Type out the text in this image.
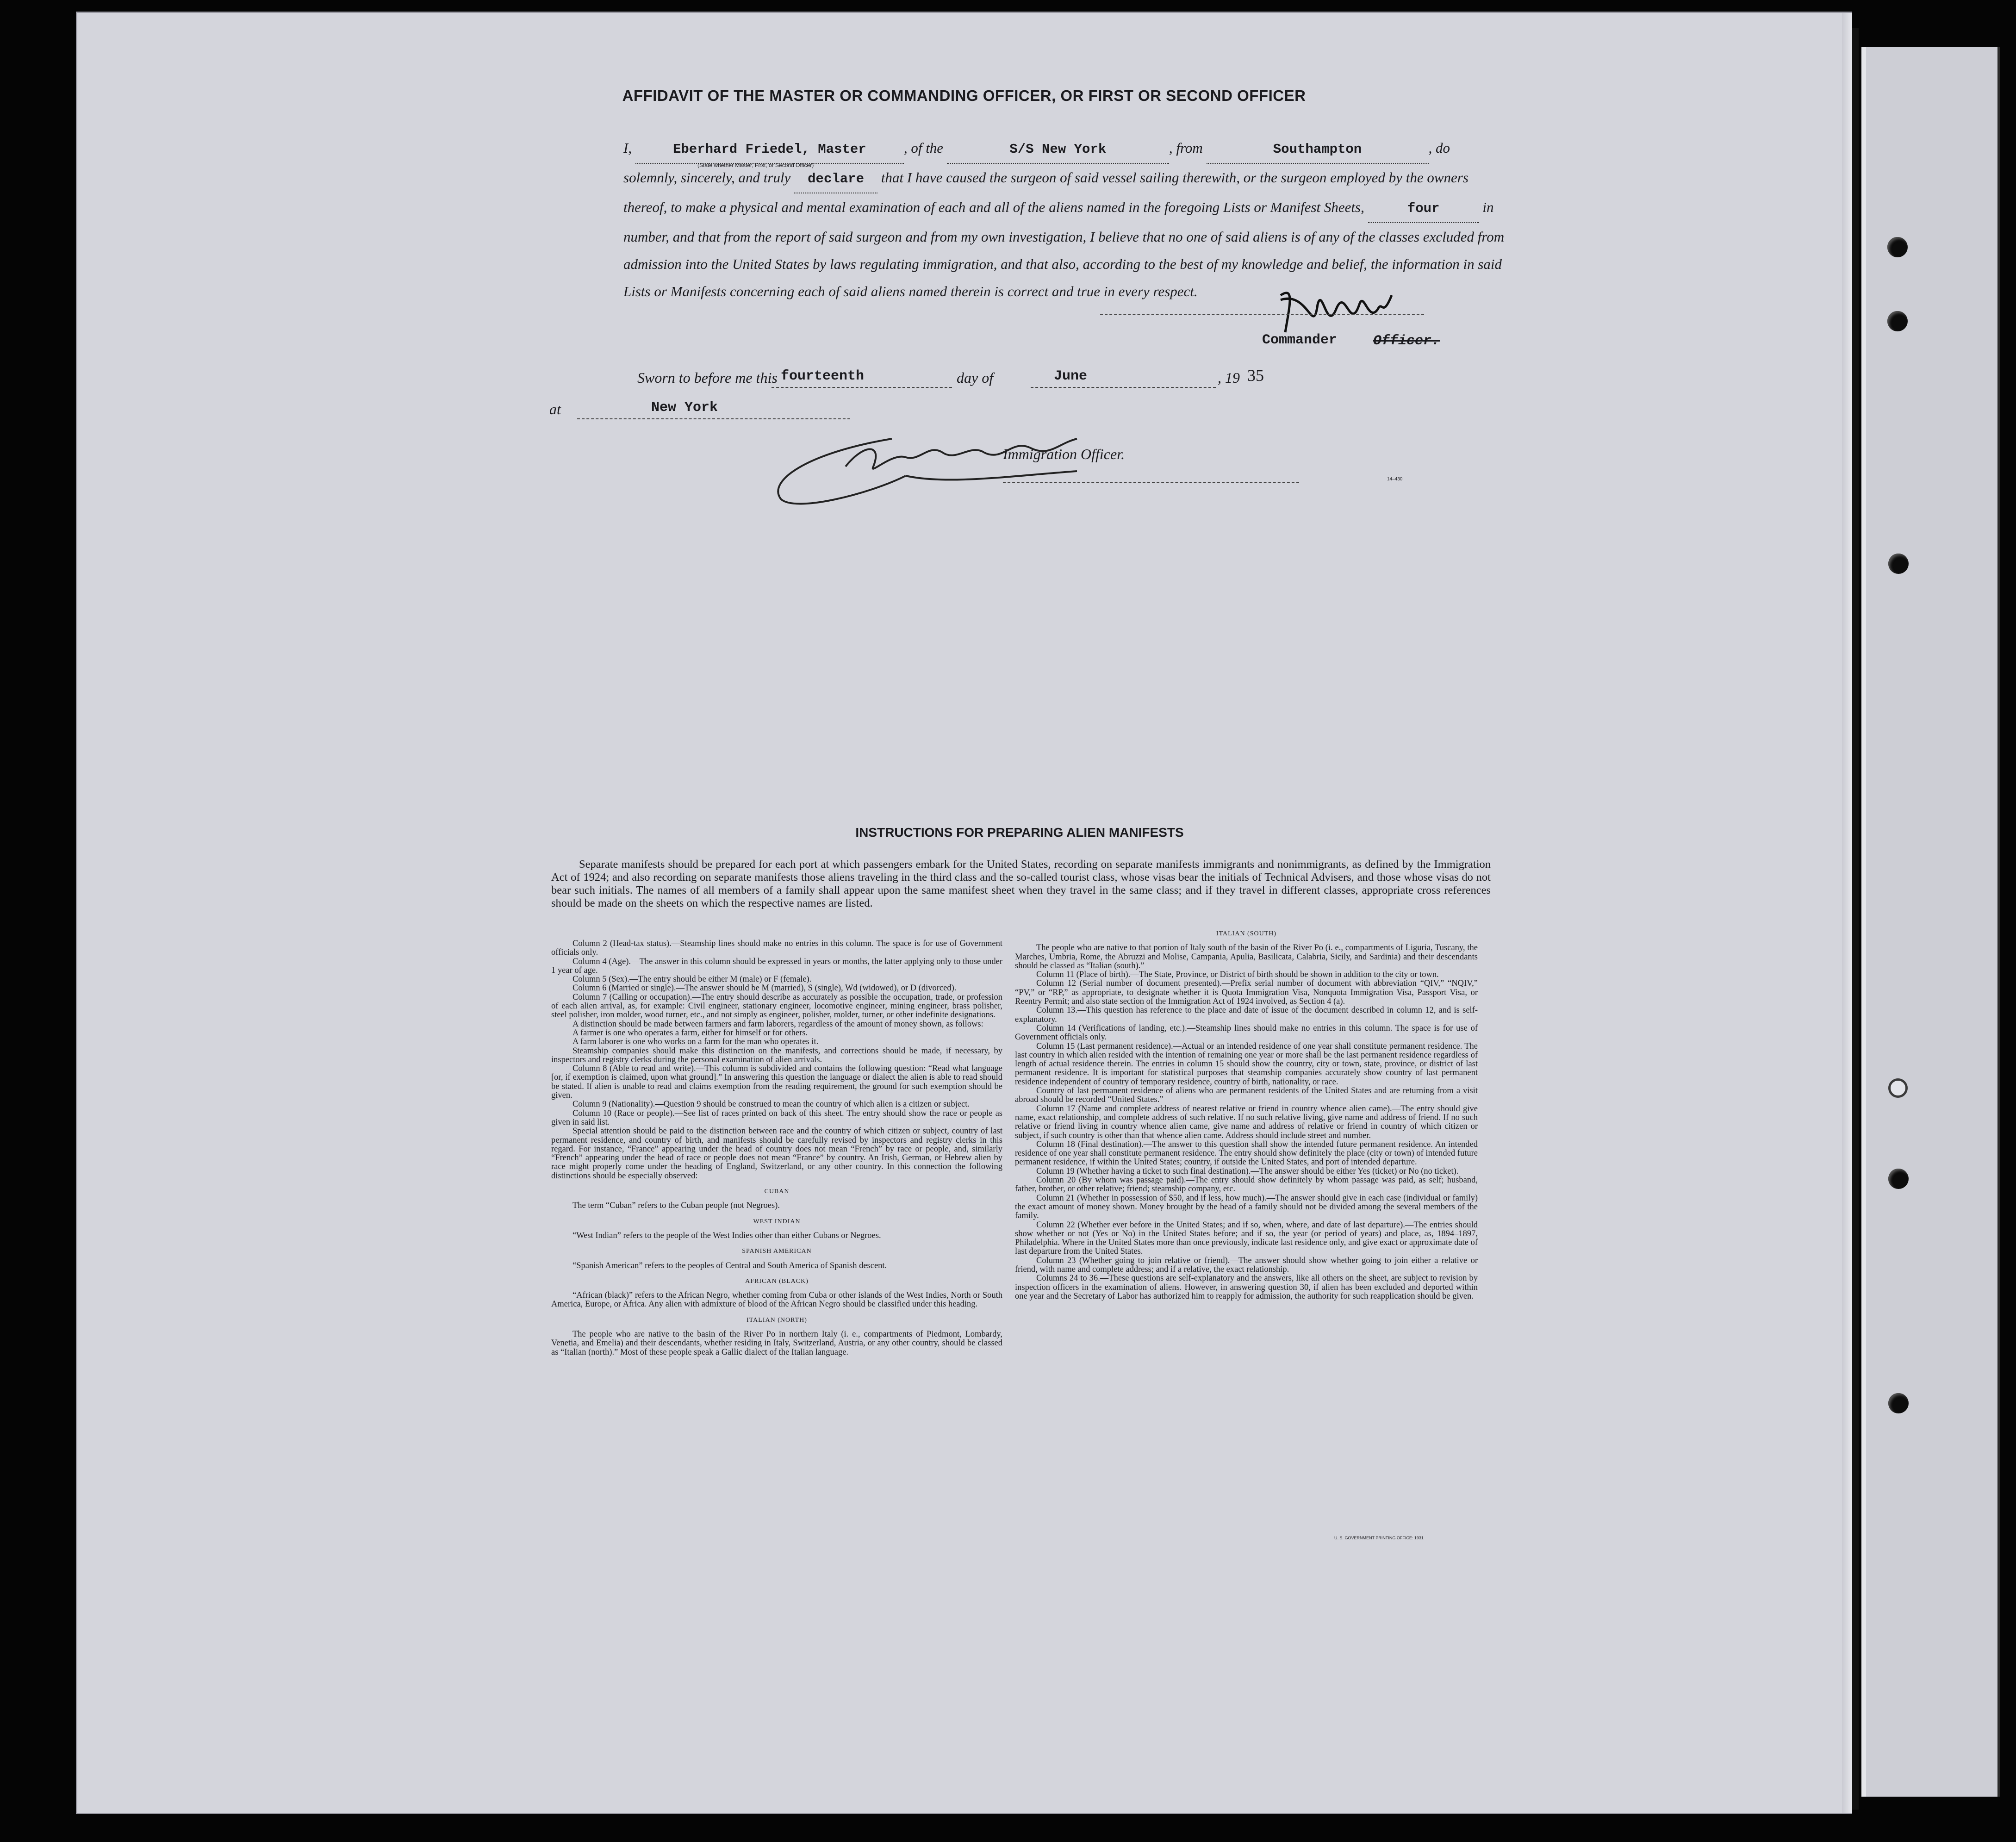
AFFIDAVIT OF THE MASTER OR COMMANDING OFFICER, OR FIRST OR SECOND OFFICER
I,	Eberhard Friedel, Master	, of the	S/S New York	, from	Southampton	, do
solemnly, sincerely, and truly declare that I have caused the surgeon of said vessel sailing therewith, or the surgeon employed by the owners thereof, to make a physical and mental examination of each and all of the aliens named in the foregoing Lists or Manifest Sheets,	four	in number, and that from the report of said surgeon and from my own investigation, I believe that no one of said aliens is of any of the classes excluded from admission into the United States by laws regulating immigration, and that also, according to the best of my knowledge and belief, the information in said Lists or Manifests concerning each of said aliens named therein is correct and true in every respect.
(State whether Master, First, or Second Officer)
Commander	Officer.
Sworn to before me this fourteenth	day of	June	, 19 35
at	New York
Immigration Officer.
14–430
INSTRUCTIONS FOR PREPARING ALIEN MANIFESTS
Separate manifests should be prepared for each port at which passengers embark for the United States, recording on separate manifests immigrants and nonimmigrants, as defined by the Immigration Act of 1924; and also recording on separate manifests those aliens traveling in the third class and the so-called tourist class, whose visas bear the initials of Technical Advisers, and those whose visas do not bear such initials. The names of all members of a family shall appear upon the same manifest sheet when they travel in the same class; and if they travel in different classes, appropriate cross references should be made on the sheets on which the respective names are listed.

Column 2 (Head-tax status).—Steamship lines should make no entries in this column. The space is for use of Government officials only.

Column 4 (Age).—The answer in this column should be expressed in years or months, the latter applying only to those under 1 year of age.

Column 5 (Sex).—The entry should be either M (male) or F (female).

Column 6 (Married or single).—The answer should be M (married), S (single), Wd (widowed), or D (divorced).

Column 7 (Calling or occupation).—The entry should describe as accurately as possible the occupation, trade, or profession of each alien arrival, as, for example: Civil engineer, stationary engineer, locomotive engineer, mining engineer, brass polisher, steel polisher, iron molder, wood turner, etc., and not simply as engineer, polisher, molder, turner, or other indefinite designations.

A distinction should be made between farmers and farm laborers, regardless of the amount of money shown, as follows:

A farmer is one who operates a farm, either for himself or for others.

A farm laborer is one who works on a farm for the man who operates it.

Steamship companies should make this distinction on the manifests, and corrections should be made, if necessary, by inspectors and registry clerks during the personal examination of alien arrivals.

Column 8 (Able to read and write).—This column is subdivided and contains the following question: “Read what language [or, if exemption is claimed, upon what ground].” In answering this question the language or dialect the alien is able to read should be stated. If alien is unable to read and claims exemption from the reading requirement, the ground for such exemption should be given.

Column 9 (Nationality).—Question 9 should be construed to mean the country of which alien is a citizen or subject.

Column 10 (Race or people).—See list of races printed on back of this sheet. The entry should show the race or people as given in said list.

Special attention should be paid to the distinction between race and the country of which citizen or subject, country of last permanent residence, and country of birth, and manifests should be carefully revised by inspectors and registry clerks in this regard. For instance, “France” appearing under the head of country does not mean “French” by race or people, and, similarly “French” appearing under the head of race or people does not mean “France” by country. An Irish, German, or Hebrew alien by race might properly come under the heading of England, Switzerland, or any other country. In this connection the following distinctions should be especially observed:

CUBAN

The term “Cuban” refers to the Cuban people (not Negroes).

WEST INDIAN

“West Indian” refers to the people of the West Indies other than either Cubans or Negroes.

SPANISH AMERICAN

“Spanish American” refers to the peoples of Central and South America of Spanish descent.

AFRICAN (BLACK)

“African (black)” refers to the African Negro, whether coming from Cuba or other islands of the West Indies, North or South America, Europe, or Africa. Any alien with admixture of blood of the African Negro should be classified under this heading.

ITALIAN (NORTH)

The people who are native to the basin of the River Po in northern Italy (i. e., compartments of Piedmont, Lombardy, Venetia, and Emelia) and their descendants, whether residing in Italy, Switzerland, Austria, or any other country, should be classed as “Italian (north).” Most of these people speak a Gallic dialect of the Italian language.

ITALIAN (SOUTH)

The people who are native to that portion of Italy south of the basin of the River Po (i. e., compartments of Liguria, Tuscany, the Marches, Umbria, Rome, the Abruzzi and Molise, Campania, Apulia, Basilicata, Calabria, Sicily, and Sardinia) and their descendants should be classed as “Italian (south).”

Column 11 (Place of birth).—The State, Province, or District of birth should be shown in addition to the city or town.

Column 12 (Serial number of document presented).—Prefix serial number of document with abbreviation “QIV,” “NQIV,” “PV,” or “RP,” as appropriate, to designate whether it is Quota Immigration Visa, Nonquota Immigration Visa, Passport Visa, or Reentry Permit; and also state section of the Immigration Act of 1924 involved, as Section 4 (a).

Column 13.—This question has reference to the place and date of issue of the document described in column 12, and is self-explanatory.

Column 14 (Verifications of landing, etc.).—Steamship lines should make no entries in this column. The space is for use of Government officials only.

Column 15 (Last permanent residence).—Actual or an intended residence of one year shall constitute permanent residence. The last country in which alien resided with the intention of remaining one year or more shall be the last permanent residence regardless of length of actual residence therein. The entries in column 15 should show the country, city or town, state, province, or district of last permanent residence. It is important for statistical purposes that steamship companies accurately show country of last permanent residence independent of country of temporary residence, country of birth, nationality, or race.

Country of last permanent residence of aliens who are permanent residents of the United States and are returning from a visit abroad should be recorded “United States.”

Column 17 (Name and complete address of nearest relative or friend in country whence alien came).—The entry should give name, exact relationship, and complete address of such relative. If no such relative living, give name and address of friend. If no such relative or friend living in country whence alien came, give name and address of relative or friend in country of which citizen or subject, if such country is other than that whence alien came. Address should include street and number.

Column 18 (Final destination).—The answer to this question shall show the intended future permanent residence. An intended residence of one year shall constitute permanent residence. The entry should show definitely the place (city or town) of intended future permanent residence, if within the United States; country, if outside the United States, and port of intended departure.

Column 19 (Whether having a ticket to such final destination).—The answer should be either Yes (ticket) or No (no ticket).

Column 20 (By whom was passage paid).—The entry should show definitely by whom passage was paid, as self; husband, father, brother, or other relative; friend; steamship company, etc.

Column 21 (Whether in possession of $50, and if less, how much).—The answer should give in each case (individual or family) the exact amount of money shown. Money brought by the head of a family should not be divided among the several members of the family.

Column 22 (Whether ever before in the United States; and if so, when, where, and date of last departure).—The entries should show whether or not (Yes or No) in the United States before; and if so, the year (or period of years) and place, as, 1894–1897, Philadelphia. Where in the United States more than once previously, indicate last residence only, and give exact or approximate date of last departure from the United States.

Column 23 (Whether going to join relative or friend).—The answer should show whether going to join either a relative or friend, with name and complete address; and if a relative, the exact relationship.

Columns 24 to 36.—These questions are self-explanatory and the answers, like all others on the sheet, are subject to revision by inspection officers in the examination of aliens. However, in answering question 30, if alien has been excluded and deported within one year and the Secretary of Labor has authorized him to reapply for admission, the authority for such reapplication should be given.

U. S. GOVERNMENT PRINTING OFFICE: 1931
